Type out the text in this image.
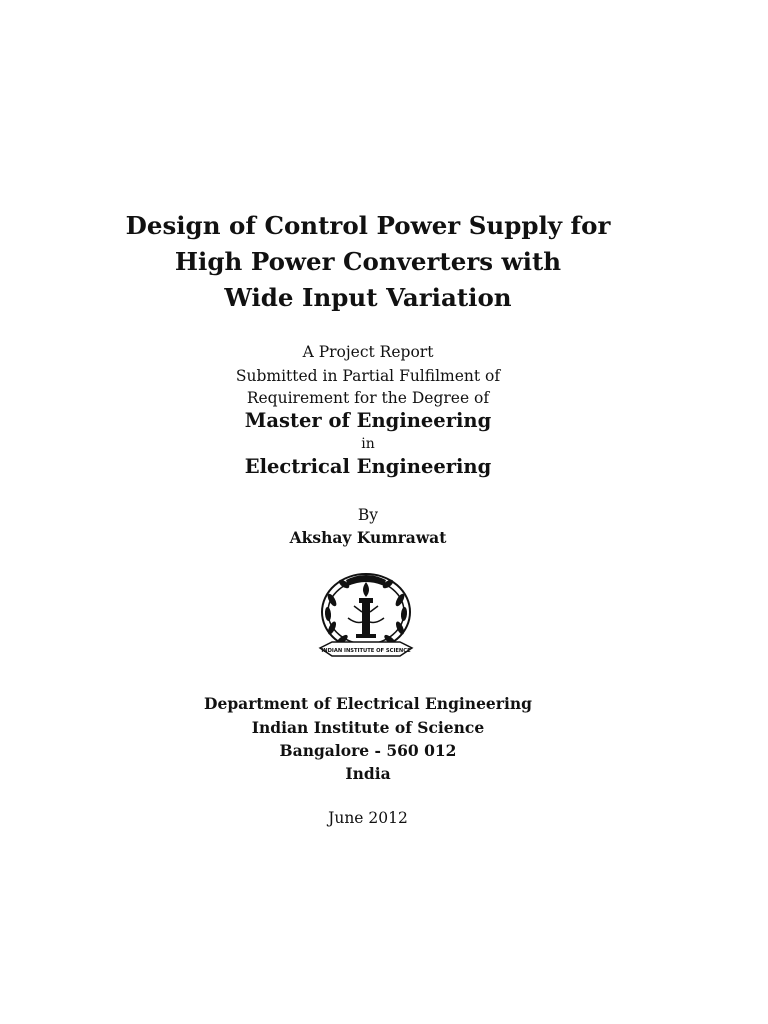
Design of Control Power Supply for
High Power Converters with
Wide Input Variation
A Project Report
Submitted in Partial Fulfilment of
Requirement for the Degree of
Master of Engineering
in
Electrical Engineering
By
Akshay Kumrawat
INDIAN INSTITUTE OF SCIENCE
Department of Electrical Engineering
Indian Institute of Science
Bangalore - 560 012
India
June 2012
